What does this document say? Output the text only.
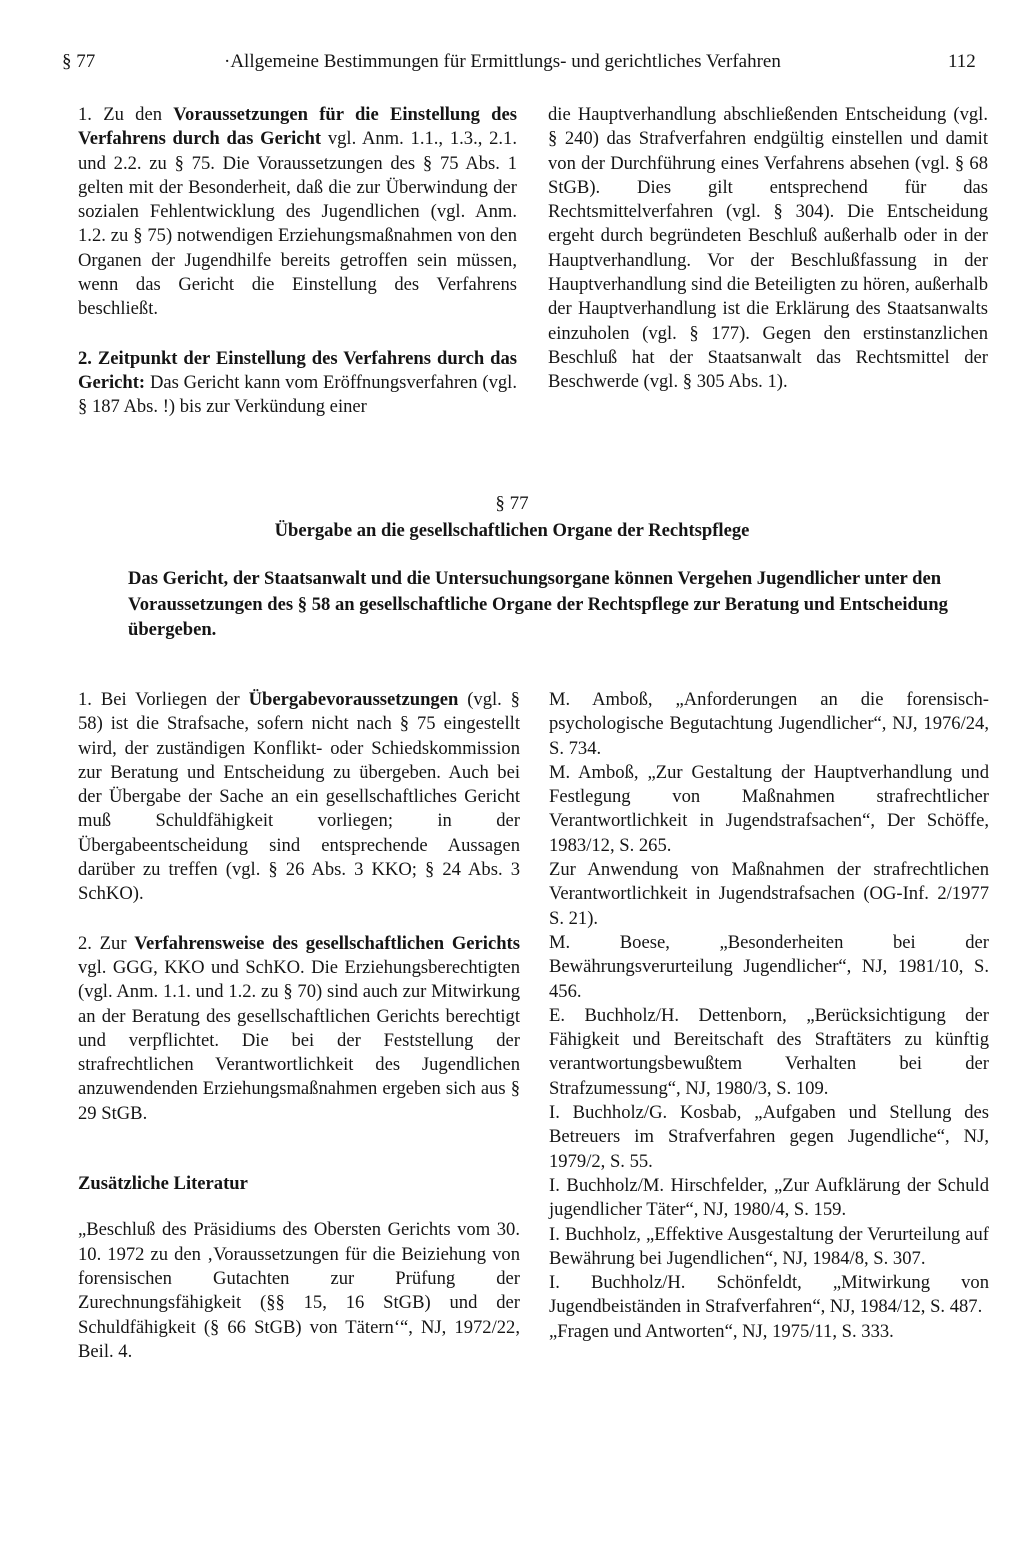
§ 77	·Allgemeine Bestimmungen für Ermittlungs- und gerichtliches Verfahren	112

1. Zu den Voraussetzungen für die Einstellung des Verfahrens durch das Gericht vgl. Anm. 1.1., 1.3., 2.1. und 2.2. zu § 75. Die Voraussetzungen des § 75 Abs. 1 gelten mit der Besonderheit, daß die zur Überwindung der sozialen Fehlentwicklung des Jugendlichen (vgl. Anm. 1.2. zu § 75) notwendigen Erziehungsmaßnahmen von den Organen der Jugendhilfe bereits getroffen sein müssen, wenn das Gericht die Einstellung des Verfahrens beschließt.

2. Zeitpunkt der Einstellung des Verfahrens durch das Gericht: Das Gericht kann vom Eröffnungsverfahren (vgl. § 187 Abs. !) bis zur Verkündung einer

die Hauptverhandlung abschließenden Entscheidung (vgl. § 240) das Strafverfahren endgültig einstellen und damit von der Durchführung eines Verfahrens absehen (vgl. § 68 StGB). Dies gilt entsprechend für das Rechtsmittelverfahren (vgl. § 304). Die Entscheidung ergeht durch begründeten Beschluß außerhalb oder in der Hauptverhandlung. Vor der Beschlußfassung in der Hauptverhandlung sind die Beteiligten zu hören, außerhalb der Hauptverhandlung ist die Erklärung des Staatsanwalts einzuholen (vgl. § 177). Gegen den erstinstanzlichen Beschluß hat der Staatsanwalt das Rechtsmittel der Beschwerde (vgl. § 305 Abs. 1).

§ 77
Übergabe an die gesellschaftlichen Organe der Rechtspflege
Das Gericht, der Staatsanwalt und die Untersuchungsorgane können Vergehen Jugendlicher unter den Voraussetzungen des § 58 an gesellschaftliche Organe der Rechtspflege zur Beratung und Entscheidung übergeben.

1. Bei Vorliegen der Übergabevoraussetzungen (vgl. § 58) ist die Strafsache, sofern nicht nach § 75 eingestellt wird, der zuständigen Konflikt- oder Schiedskommission zur Beratung und Entscheidung zu übergeben. Auch bei der Übergabe der Sache an ein gesellschaftliches Gericht muß Schuldfähigkeit vorliegen; in der Übergabeentscheidung sind entsprechende Aussagen darüber zu treffen (vgl. § 26 Abs. 3 KKO; § 24 Abs. 3 SchKO).

2. Zur Verfahrensweise des gesellschaftlichen Gerichts vgl. GGG, KKO und SchKO. Die Erziehungsberechtigten (vgl. Anm. 1.1. und 1.2. zu § 70) sind auch zur Mitwirkung an der Beratung des gesellschaftlichen Gerichts berechtigt und verpflichtet. Die bei der Feststellung der strafrechtlichen Verantwortlichkeit des Jugendlichen anzuwendenden Erziehungsmaßnahmen ergeben sich aus § 29 StGB.

Zusätzliche Literatur

„Beschluß des Präsidiums des Obersten Gerichts vom 30. 10. 1972 zu den ‚Voraussetzungen für die Beiziehung von forensischen Gutachten zur Prüfung der Zurechnungsfähigkeit (§§ 15, 16 StGB) und der Schuldfähigkeit (§ 66 StGB) von Tätern‘“, NJ, 1972/22, Beil. 4.

M. Amboß, „Anforderungen an die forensisch-psychologische Begutachtung Jugendlicher“, NJ, 1976/24, S. 734.

M. Amboß, „Zur Gestaltung der Hauptverhandlung und Festlegung von Maßnahmen strafrechtlicher Verantwortlichkeit in Jugendstrafsachen“, Der Schöffe, 1983/12, S. 265.

Zur Anwendung von Maßnahmen der strafrechtlichen Verantwortlichkeit in Jugendstrafsachen (OG-Inf. 2/1977 S. 21).

M. Boese, „Besonderheiten bei der Bewährungsverurteilung Jugendlicher“, NJ, 1981/10, S. 456.

E. Buchholz/H. Dettenborn, „Berücksichtigung der Fähigkeit und Bereitschaft des Straftäters zu künftig verantwortungsbewußtem Verhalten bei der Strafzumessung“, NJ, 1980/3, S. 109.

I. Buchholz/G. Kosbab, „Aufgaben und Stellung des Betreuers im Strafverfahren gegen Jugendliche“, NJ, 1979/2, S. 55.

I. Buchholz/M. Hirschfelder, „Zur Aufklärung der Schuld jugendlicher Täter“, NJ, 1980/4, S. 159.

I. Buchholz, „Effektive Ausgestaltung der Verurteilung auf Bewährung bei Jugendlichen“, NJ, 1984/8, S. 307.

I. Buchholz/H. Schönfeldt, „Mitwirkung von Jugendbeiständen in Strafverfahren“, NJ, 1984/12, S. 487.

„Fragen und Antworten“, NJ, 1975/11, S. 333.
